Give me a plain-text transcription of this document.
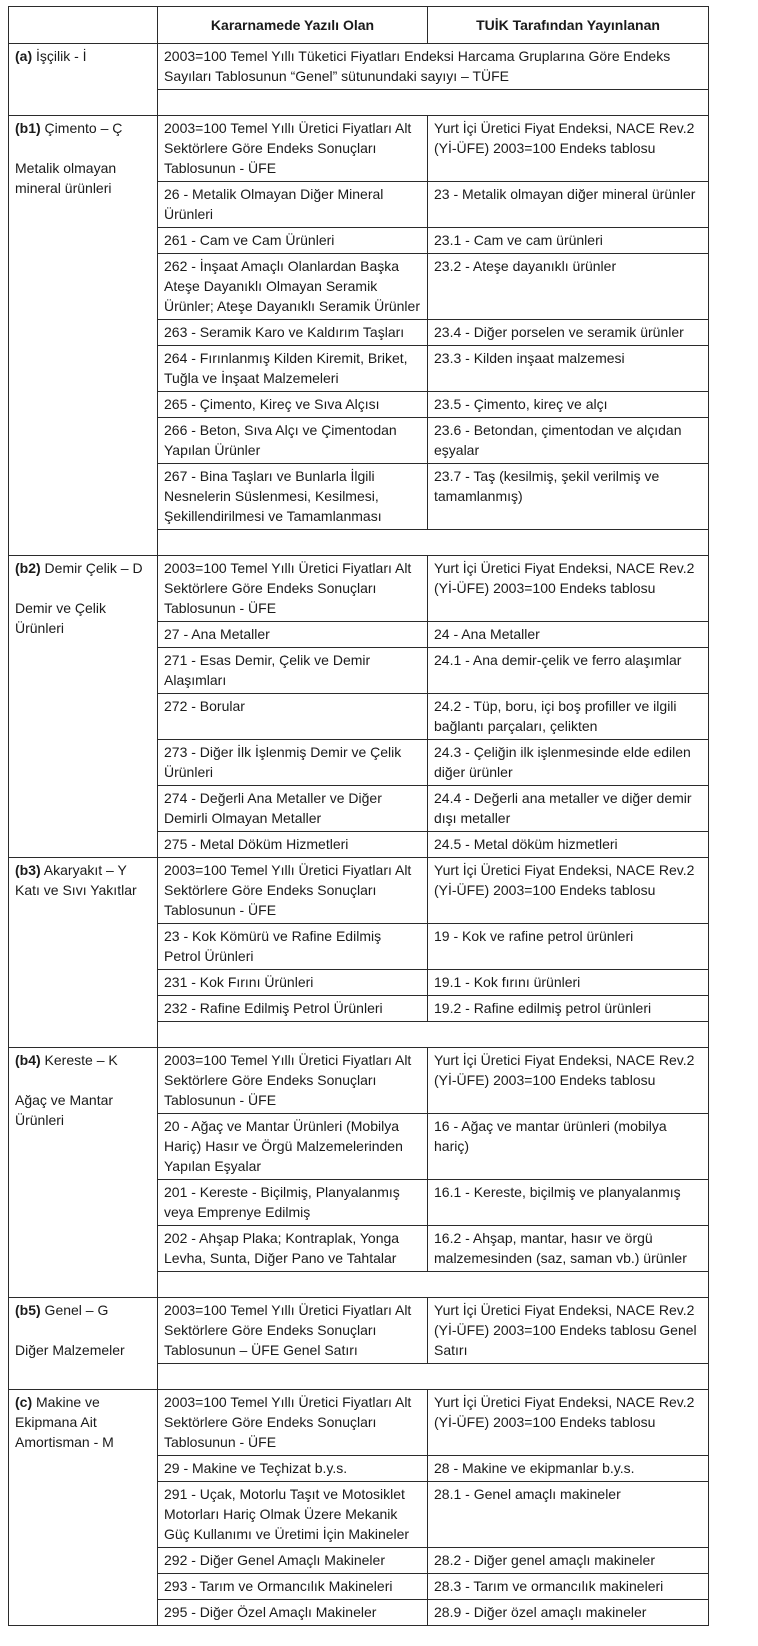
	Kararnamede Yazılı Olan	TUİK Tarafından Yayınlanan

(a) İşçilik - İ	2003=100 Temel Yıllı Tüketici Fiyatları Endeksi Harcama Gruplarına Göre Endeks Sayıları Tablosunun “Genel” sütunundaki sayıyı – TÜFE	

(b1) Çimento – Ç
Metalik olmayan mineral ürünleri	2003=100 Temel Yıllı Üretici Fiyatları Alt Sektörlere Göre Endeks Sonuçları Tablosunun - ÜFE	Yurt İçi Üretici Fiyat Endeksi, NACE Rev.2 (Yİ-ÜFE) 2003=100 Endeks tablosu
	26 - Metalik Olmayan Diğer Mineral Ürünleri	23 - Metalik olmayan diğer mineral ürünler
	261 - Cam ve Cam Ürünleri	23.1 - Cam ve cam ürünleri
	262 - İnşaat Amaçlı Olanlardan Başka Ateşe Dayanıklı Olmayan Seramik Ürünler; Ateşe Dayanıklı Seramik Ürünler	23.2 - Ateşe dayanıklı ürünler
	263 - Seramik Karo ve Kaldırım Taşları	23.4 - Diğer porselen ve seramik ürünler
	264 - Fırınlanmış Kilden Kiremit, Briket, Tuğla ve İnşaat Malzemeleri	23.3 - Kilden inşaat malzemesi
	265 - Çimento, Kireç ve Sıva Alçısı	23.5 - Çimento, kireç ve alçı
	266 - Beton, Sıva Alçı ve Çimentodan Yapılan Ürünler	23.6 - Betondan, çimentodan ve alçıdan eşyalar
	267 - Bina Taşları ve Bunlarla İlgili Nesnelerin Süslenmesi, Kesilmesi, Şekillendirilmesi ve Tamamlanması	23.7 - Taş (kesilmiş, şekil verilmiş ve tamamlanmış)

(b2) Demir Çelik – D
Demir ve Çelik Ürünleri	2003=100 Temel Yıllı Üretici Fiyatları Alt Sektörlere Göre Endeks Sonuçları Tablosunun - ÜFE	Yurt İçi Üretici Fiyat Endeksi, NACE Rev.2 (Yİ-ÜFE) 2003=100 Endeks tablosu
	27 - Ana Metaller	24 - Ana Metaller
	271 - Esas Demir, Çelik ve Demir Alaşımları	24.1 - Ana demir-çelik ve ferro alaşımlar
	272 - Borular	24.2 - Tüp, boru, içi boş profiller ve ilgili bağlantı parçaları, çelikten
	273 - Diğer İlk İşlenmiş Demir ve Çelik Ürünleri	24.3 - Çeliğin ilk işlenmesinde elde edilen diğer ürünler
	274 - Değerli Ana Metaller ve Diğer Demirli Olmayan Metaller	24.4 - Değerli ana metaller ve diğer demir dışı metaller
	275 - Metal Döküm Hizmetleri	24.5 - Metal döküm hizmetleri

(b3) Akaryakıt – Y
Katı ve Sıvı Yakıtlar	2003=100 Temel Yıllı Üretici Fiyatları Alt Sektörlere Göre Endeks Sonuçları Tablosunun - ÜFE	Yurt İçi Üretici Fiyat Endeksi, NACE Rev.2 (Yİ-ÜFE) 2003=100 Endeks tablosu
	23 - Kok Kömürü ve Rafine Edilmiş Petrol Ürünleri	19 - Kok ve rafine petrol ürünleri
	231 - Kok Fırını Ürünleri	19.1 - Kok fırını ürünleri
	232 - Rafine Edilmiş Petrol Ürünleri	19.2 - Rafine edilmiş petrol ürünleri

(b4) Kereste – K
Ağaç ve Mantar Ürünleri	2003=100 Temel Yıllı Üretici Fiyatları Alt Sektörlere Göre Endeks Sonuçları Tablosunun - ÜFE	Yurt İçi Üretici Fiyat Endeksi, NACE Rev.2 (Yİ-ÜFE) 2003=100 Endeks tablosu
	20 - Ağaç ve Mantar Ürünleri (Mobilya Hariç) Hasır ve Örgü Malzemelerinden Yapılan Eşyalar	16 - Ağaç ve mantar ürünleri (mobilya hariç)
	201 - Kereste - Biçilmiş, Planyalanmış veya Emprenye Edilmiş	16.1 - Kereste, biçilmiş ve planyalanmış
	202 - Ahşap Plaka; Kontraplak, Yonga Levha, Sunta, Diğer Pano ve Tahtalar	16.2 - Ahşap, mantar, hasır ve örgü malzemesinden (saz, saman vb.) ürünler

(b5) Genel – G
Diğer Malzemeler	2003=100 Temel Yıllı Üretici Fiyatları Alt Sektörlere Göre Endeks Sonuçları Tablosunun – ÜFE Genel Satırı	Yurt İçi Üretici Fiyat Endeksi, NACE Rev.2 (Yİ-ÜFE) 2003=100 Endeks tablosu Genel Satırı

(c) Makine ve Ekipmana Ait Amortisman - M	2003=100 Temel Yıllı Üretici Fiyatları Alt Sektörlere Göre Endeks Sonuçları Tablosunun - ÜFE	Yurt İçi Üretici Fiyat Endeksi, NACE Rev.2 (Yİ-ÜFE) 2003=100 Endeks tablosu
	29 - Makine ve Teçhizat b.y.s.	28 - Makine ve ekipmanlar b.y.s.
	291 - Uçak, Motorlu Taşıt ve Motosiklet Motorları Hariç Olmak Üzere Mekanik Güç Kullanımı ve Üretimi İçin Makineler	28.1 - Genel amaçlı makineler
	292 - Diğer Genel Amaçlı Makineler	28.2 - Diğer genel amaçlı makineler
	293 - Tarım ve Ormancılık Makineleri	28.3 - Tarım ve ormancılık makineleri
	295 - Diğer Özel Amaçlı Makineler	28.9 - Diğer özel amaçlı makineler
